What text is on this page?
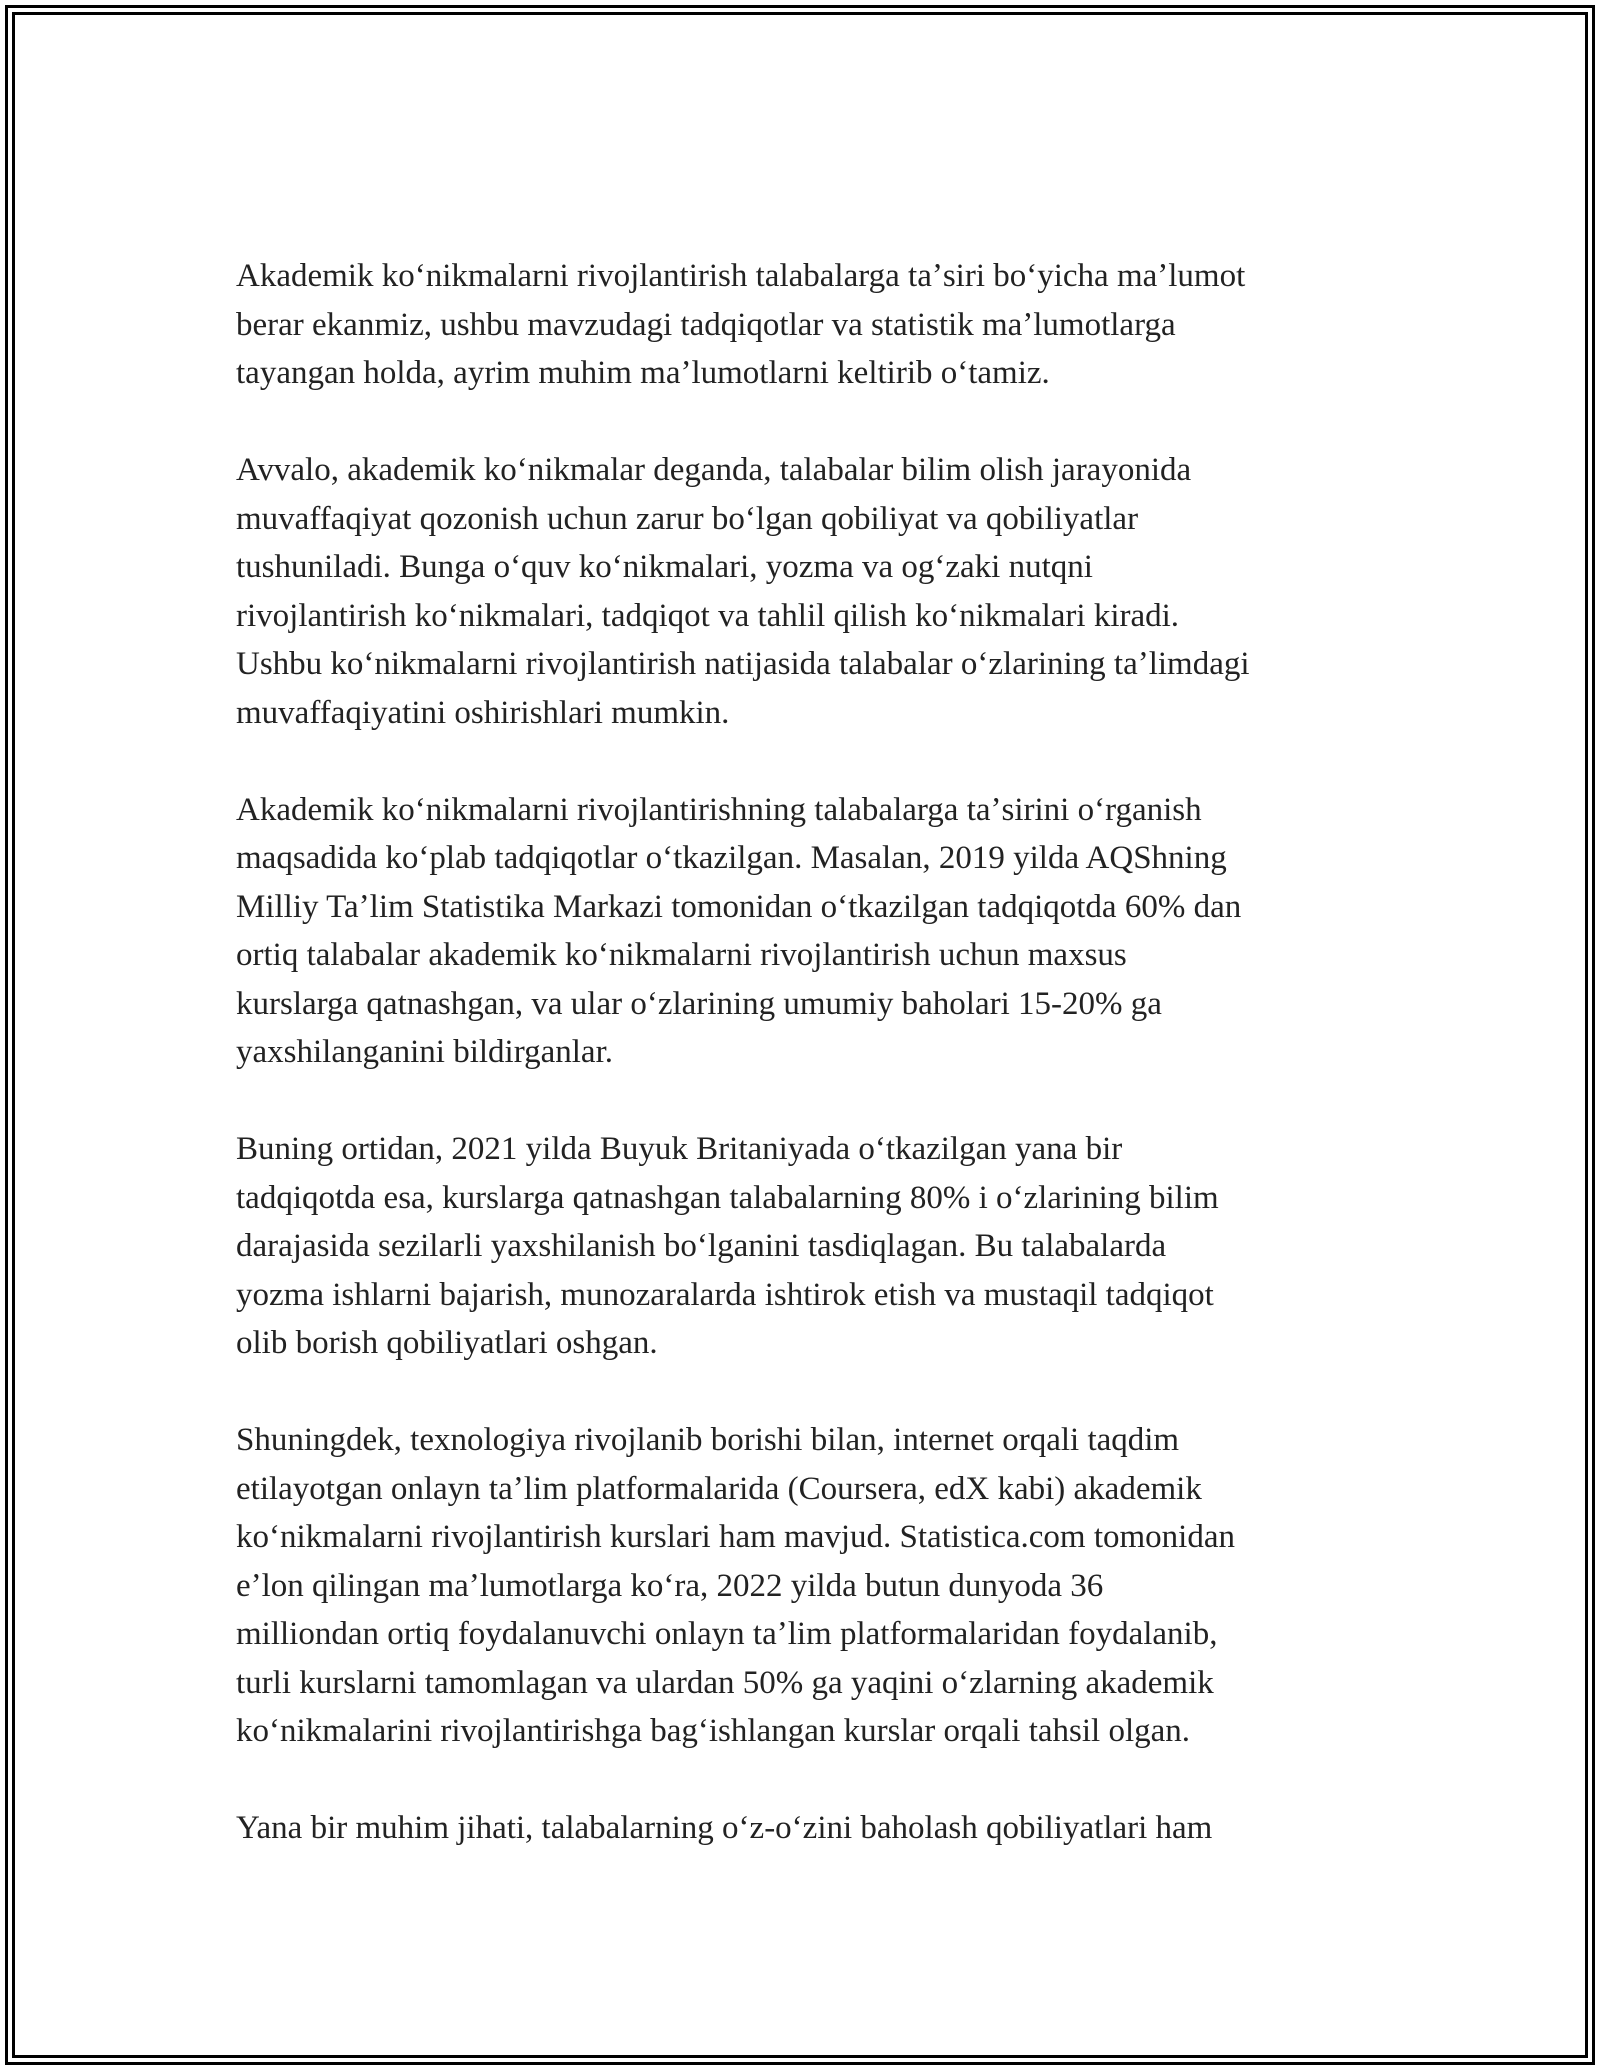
Akademik koʻnikmalarni rivojlantirish talabalarga taʼsiri boʻyicha maʼlumot
berar ekanmiz, ushbu mavzudagi tadqiqotlar va statistik maʼlumotlarga
tayangan holda, ayrim muhim maʼlumotlarni keltirib oʻtamiz.

Avvalo, akademik koʻnikmalar deganda, talabalar bilim olish jarayonida
muvaffaqiyat qozonish uchun zarur boʻlgan qobiliyat va qobiliyatlar
tushuniladi. Bunga oʻquv koʻnikmalari, yozma va ogʻzaki nutqni
rivojlantirish koʻnikmalari, tadqiqot va tahlil qilish koʻnikmalari kiradi.
Ushbu koʻnikmalarni rivojlantirish natijasida talabalar oʻzlarining taʼlimdagi
muvaffaqiyatini oshirishlari mumkin.

Akademik koʻnikmalarni rivojlantirishning talabalarga taʼsirini oʻrganish
maqsadida koʻplab tadqiqotlar oʻtkazilgan. Masalan, 2019 yilda AQShning
Milliy Taʼlim Statistika Markazi tomonidan oʻtkazilgan tadqiqotda 60% dan
ortiq talabalar akademik koʻnikmalarni rivojlantirish uchun maxsus
kurslarga qatnashgan, va ular oʻzlarining umumiy baholari 15-20% ga
yaxshilanganini bildirganlar.

Buning ortidan, 2021 yilda Buyuk Britaniyada oʻtkazilgan yana bir
tadqiqotda esa, kurslarga qatnashgan talabalarning 80% i oʻzlarining bilim
darajasida sezilarli yaxshilanish boʻlganini tasdiqlagan. Bu talabalarda
yozma ishlarni bajarish, munozaralarda ishtirok etish va mustaqil tadqiqot
olib borish qobiliyatlari oshgan.

Shuningdek, texnologiya rivojlanib borishi bilan, internet orqali taqdim
etilayotgan onlayn taʼlim platformalarida (Coursera, edX kabi) akademik
koʻnikmalarni rivojlantirish kurslari ham mavjud. Statistica.com tomonidan
eʼlon qilingan maʼlumotlarga koʻra, 2022 yilda butun dunyoda 36
milliondan ortiq foydalanuvchi onlayn taʼlim platformalaridan foydalanib,
turli kurslarni tamomlagan va ulardan 50% ga yaqini oʻzlarning akademik
koʻnikmalarini rivojlantirishga bagʻishlangan kurslar orqali tahsil olgan.

Yana bir muhim jihati, talabalarning oʻz-oʻzini baholash qobiliyatlari ham
